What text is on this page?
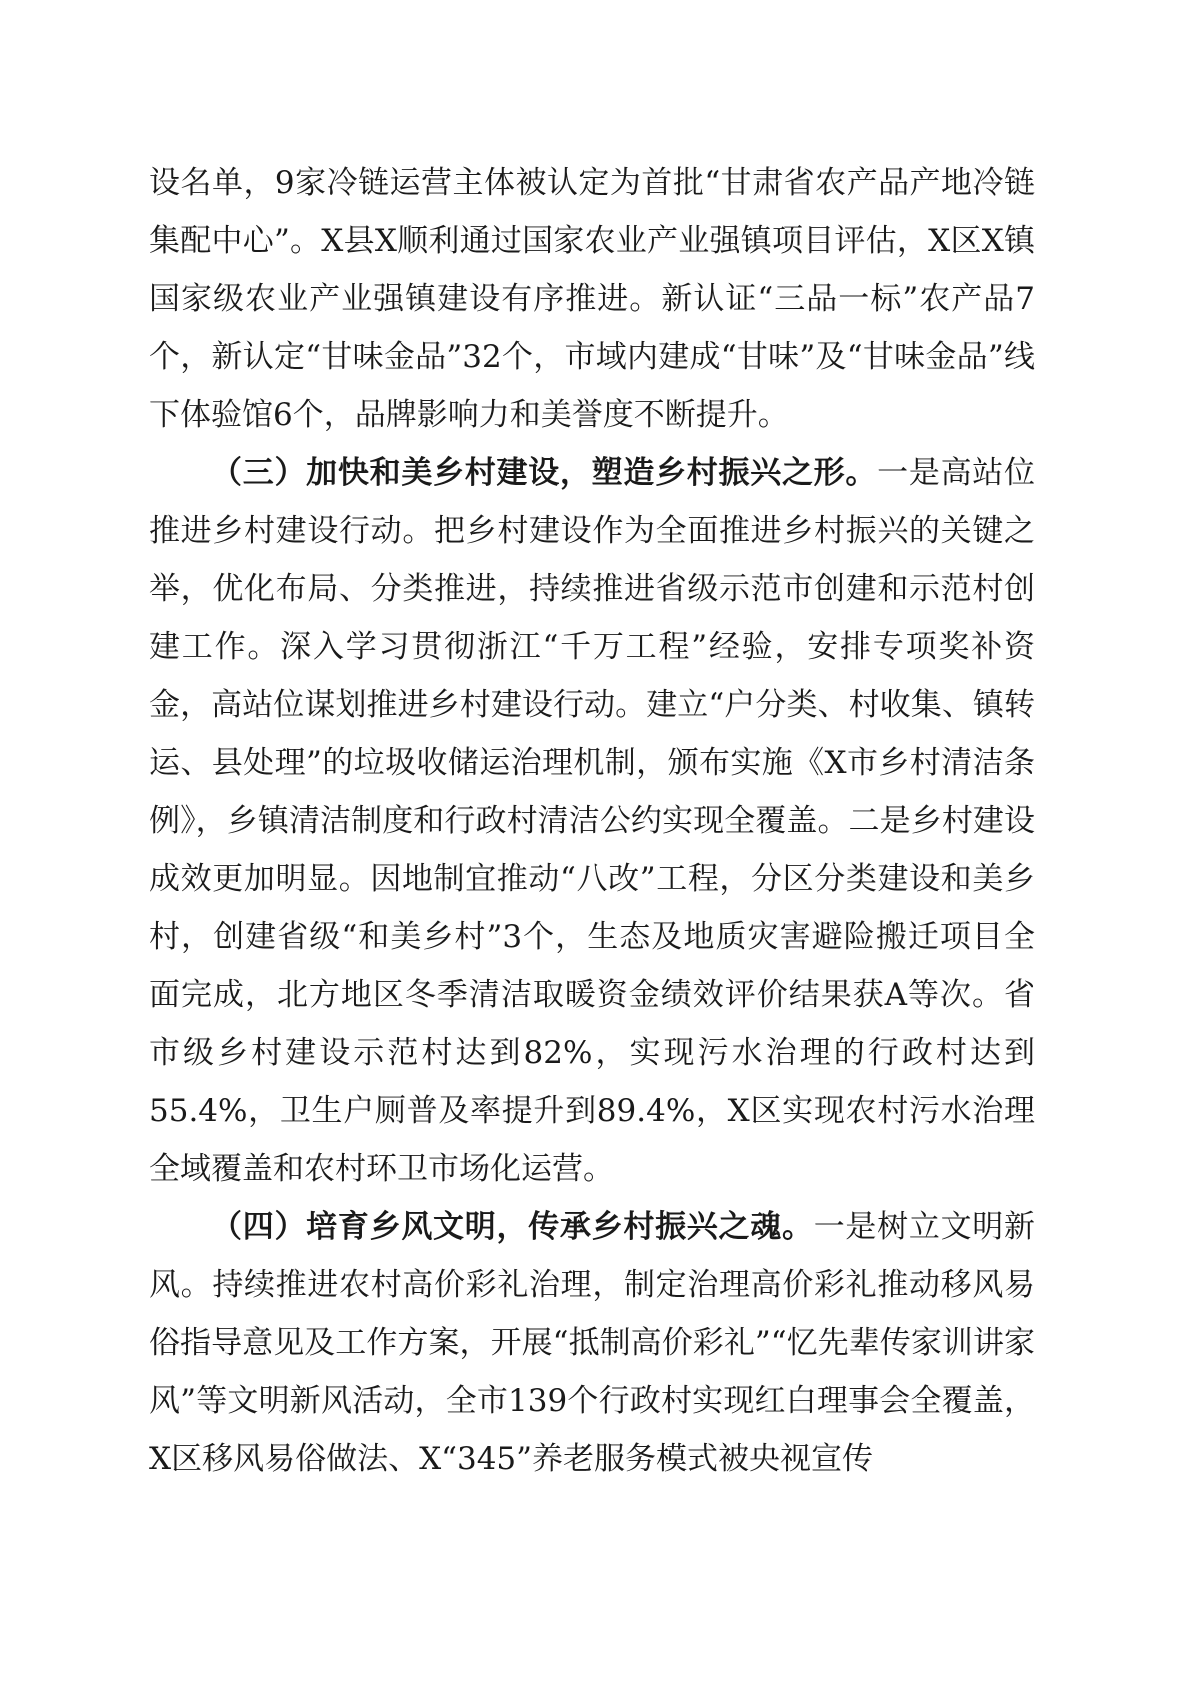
设名单，9家冷链运营主体被认定为首批“甘肃省农产品产地冷链集配中心”。X县X顺利通过国家农业产业强镇项目评估，X区X镇国家级农业产业强镇建设有序推进。新认证“三品一标”农产品7个，新认定“甘味金品”32个，市域内建成“甘味”及“甘味金品”线下体验馆6个，品牌影响力和美誉度不断提升。

（三）加快和美乡村建设，塑造乡村振兴之形。一是高站位推进乡村建设行动。把乡村建设作为全面推进乡村振兴的关键之举，优化布局、分类推进，持续推进省级示范市创建和示范村创建工作。深入学习贯彻浙江“千万工程”经验，安排专项奖补资金，高站位谋划推进乡村建设行动。建立“户分类、村收集、镇转运、县处理”的垃圾收储运治理机制，颁布实施《X市乡村清洁条例》，乡镇清洁制度和行政村清洁公约实现全覆盖。二是乡村建设成效更加明显。因地制宜推动“八改”工程，分区分类建设和美乡村，创建省级“和美乡村”3个，生态及地质灾害避险搬迁项目全面完成，北方地区冬季清洁取暖资金绩效评价结果获A等次。省市级乡村建设示范村达到82%，实现污水治理的行政村达到55.4%，卫生户厕普及率提升到89.4%，X区实现农村污水治理全域覆盖和农村环卫市场化运营。

（四）培育乡风文明，传承乡村振兴之魂。一是树立文明新风。持续推进农村高价彩礼治理，制定治理高价彩礼推动移风易俗指导意见及工作方案，开展“抵制高价彩礼”“忆先辈传家训讲家风”等文明新风活动，全市139个行政村实现红白理事会全覆盖，X区移风易俗做法、X“345”养老服务模式被央视宣传
